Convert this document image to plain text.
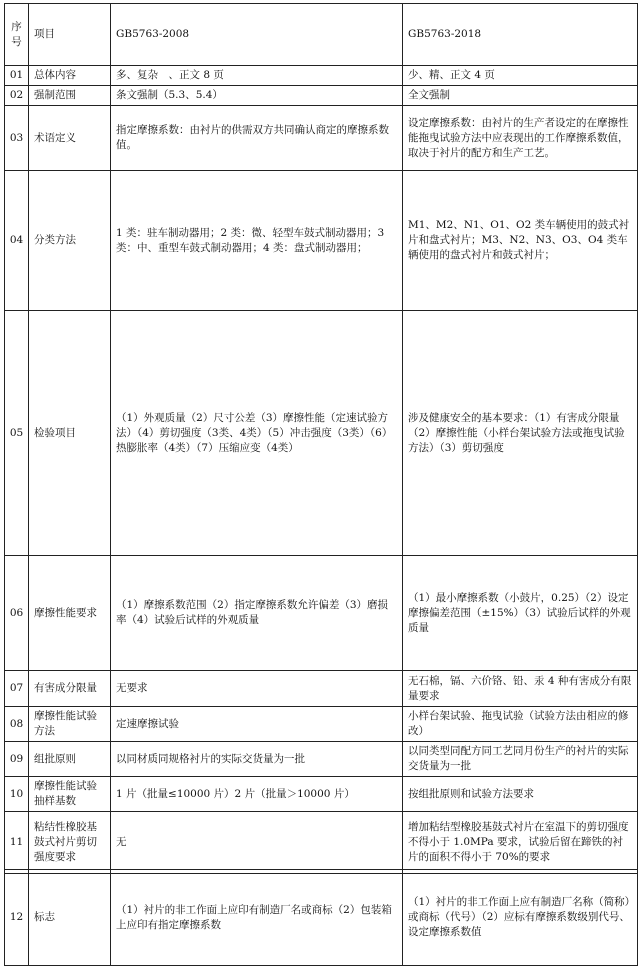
序号	项目	GB5763-2008	GB5763-2018
01	总体内容	多、复杂　、正文 8 页	少、精、正文 4 页
02	强制范围	条文强制（5.3、5.4）	全文强制
03	术语定义	指定摩擦系数：由衬片的供需双方共同确认商定的摩擦系数值。	设定摩擦系数：由衬片的生产者设定的在摩擦性能拖曳试验方法中应表现出的工作摩擦系数值，取决于衬片的配方和生产工艺。
04	分类方法	1 类：驻车制动器用；2 类：微、轻型车鼓式制动器用；3 类：中、重型车鼓式制动器用；4 类：盘式制动器用；	M1、M2、N1、O1、O2 类车辆使用的鼓式衬片和盘式衬片；M3、N2、N3、O3、O4 类车辆使用的盘式衬片和鼓式衬片；
05	检验项目	（1）外观质量（2）尺寸公差（3）摩擦性能（定速试验方法）（4）剪切强度（3类、4类）（5）冲击强度（3类）（6）热膨胀率（4类）（7）压缩应变（4类）	涉及健康安全的基本要求：（1）有害成分限量（2）摩擦性能（小样台架试验方法或拖曳试验方法）（3）剪切强度
06	摩擦性能要求	（1）摩擦系数范围（2）指定摩擦系数允许偏差（3）磨损率（4）试验后试样的外观质量	（1）最小摩擦系数（小鼓片，0.25）（2）设定摩擦偏差范围（±15%）（3）试验后试样的外观质量
07	有害成分限量	无要求	无石棉，镉、六价铬、铅、汞 4 种有害成分有限量要求
08	摩擦性能试验方法	定速摩擦试验	小样台架试验、拖曳试验（试验方法由相应的修改）
09	组批原则	以同材质同规格衬片的实际交货量为一批	以同类型同配方同工艺同月份生产的衬片的实际交货量为一批
10	摩擦性能试验抽样基数	1 片（批量≤10000 片）2 片（批量＞10000 片）	按组批原则和试验方法要求
11	粘结性橡胶基鼓式衬片剪切强度要求	无	增加粘结型橡胶基鼓式衬片在室温下的剪切强度不得小于 1.0MPa 要求，试验后留在蹄铁的衬片的面积不得小于 70%的要求
12	标志	（1）衬片的非工作面上应印有制造厂名或商标（2）包装箱上应印有指定摩擦系数	（1）衬片的非工作面上应有制造厂名称（简称）或商标（代号）（2）应标有摩擦系数级别代号、设定摩擦系数值
